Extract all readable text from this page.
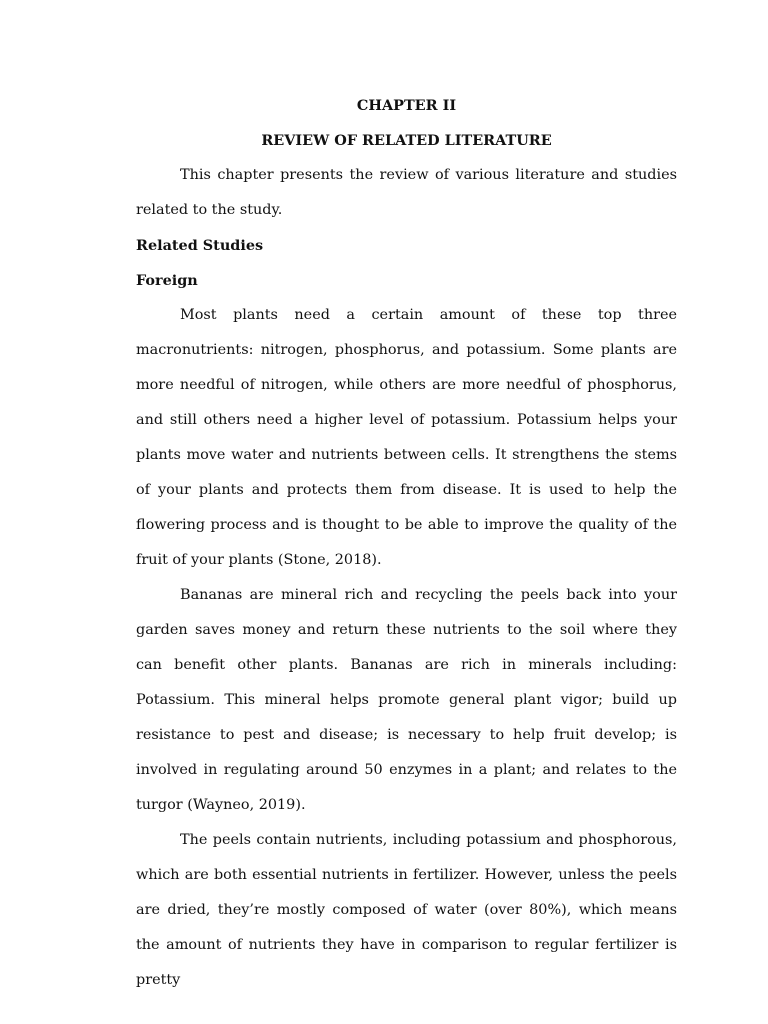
CHAPTER II

REVIEW OF RELATED LITERATURE

This chapter presents the review of various literature and studies related to the study.

Related Studies

Foreign

Most plants need a certain amount of these top three macronutrients: nitrogen, phosphorus, and potassium. Some plants are more needful of nitrogen, while others are more needful of phosphorus, and still others need a higher level of potassium. Potassium helps your plants move water and nutrients between cells. It strengthens the stems of your plants and protects them from disease. It is used to help the flowering process and is thought to be able to improve the quality of the fruit of your plants (Stone, 2018).

Bananas are mineral rich and recycling the peels back into your garden saves money and return these nutrients to the soil where they can benefit other plants. Bananas are rich in minerals including: Potassium. This mineral helps promote general plant vigor; build up resistance to pest and disease; is necessary to help fruit develop; is involved in regulating around 50 enzymes in a plant; and relates to the turgor (Wayneo, 2019).

The peels contain nutrients, including potassium and phosphorous, which are both essential nutrients in fertilizer. However, unless the peels are dried, they’re mostly composed of water (over 80%), which means the amount of nutrients they have in comparison to regular fertilizer is pretty
